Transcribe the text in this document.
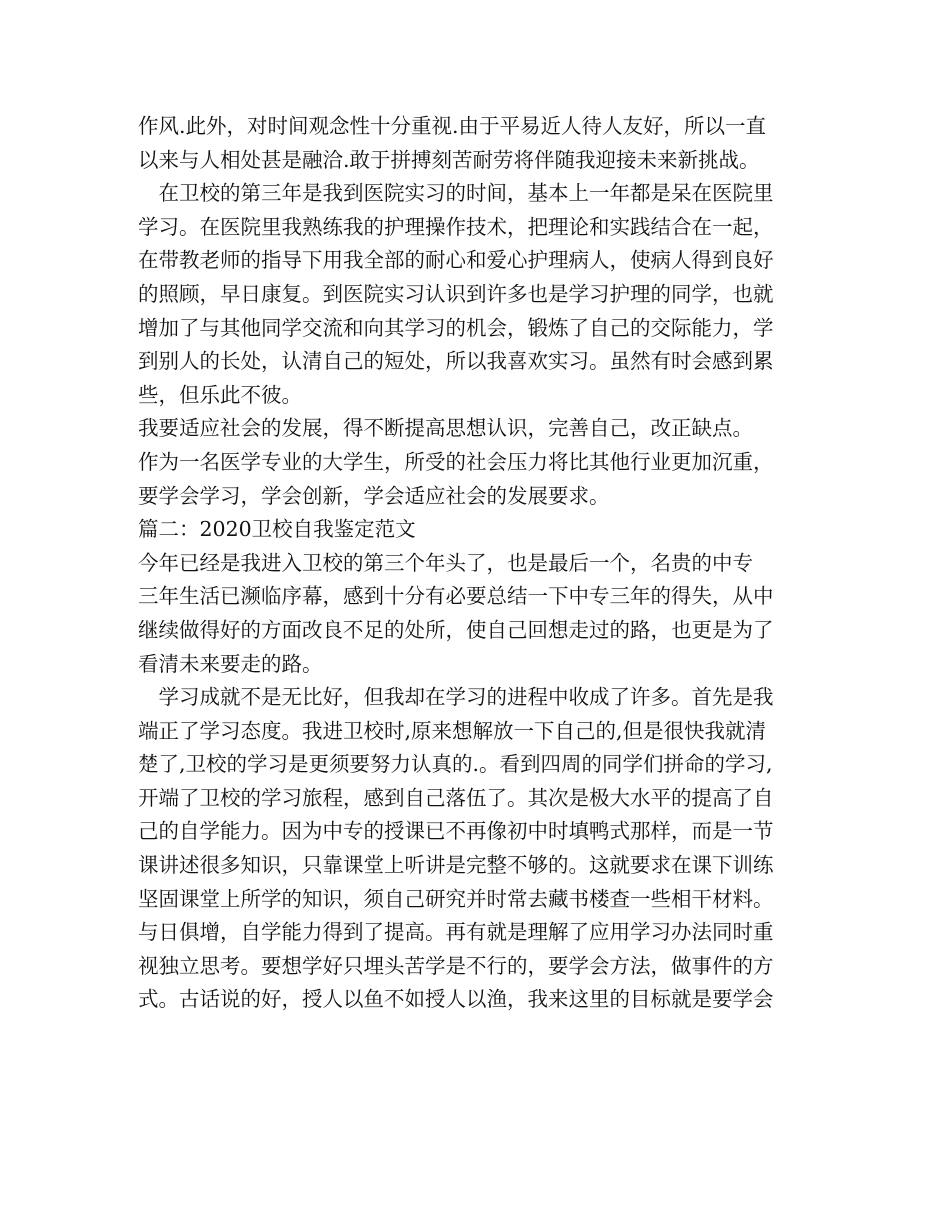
作风.此外，对时间观念性十分重视.由于平易近人待人友好，所以一直
以来与人相处甚是融洽.敢于拼搏刻苦耐劳将伴随我迎接未来新挑战。
　在卫校的第三年是我到医院实习的时间，基本上一年都是呆在医院里
学习。在医院里我熟练我的护理操作技术，把理论和实践结合在一起，
在带教老师的指导下用我全部的耐心和爱心护理病人，使病人得到良好
的照顾，早日康复。到医院实习认识到许多也是学习护理的同学，也就
增加了与其他同学交流和向其学习的机会，锻炼了自己的交际能力，学
到别人的长处，认清自己的短处，所以我喜欢实习。虽然有时会感到累
些，但乐此不彼。
我要适应社会的发展，得不断提高思想认识，完善自己，改正缺点。
作为一名医学专业的大学生，所受的社会压力将比其他行业更加沉重，
要学会学习，学会创新，学会适应社会的发展要求。
篇二：2020卫校自我鉴定范文
今年已经是我进入卫校的第三个年头了，也是最后一个，名贵的中专
三年生活已濒临序幕，感到十分有必要总结一下中专三年的得失，从中
继续做得好的方面改良不足的处所，使自己回想走过的路，也更是为了
看清未来要走的路。
　学习成就不是无比好，但我却在学习的进程中收成了许多。首先是我
端正了学习态度。我进卫校时,原来想解放一下自己的,但是很快我就清
楚了,卫校的学习是更须要努力认真的.。看到四周的同学们拼命的学习,
开端了卫校的学习旅程，感到自己落伍了。其次是极大水平的提高了自
己的自学能力。因为中专的授课已不再像初中时填鸭式那样，而是一节
课讲述很多知识，只靠课堂上听讲是完整不够的。这就要求在课下训练
坚固课堂上所学的知识，须自己研究并时常去藏书楼查一些相干材料。
与日俱增，自学能力得到了提高。再有就是理解了应用学习办法同时重
视独立思考。要想学好只埋头苦学是不行的，要学会方法，做事件的方
式。古话说的好，授人以鱼不如授人以渔，我来这里的目标就是要学会
